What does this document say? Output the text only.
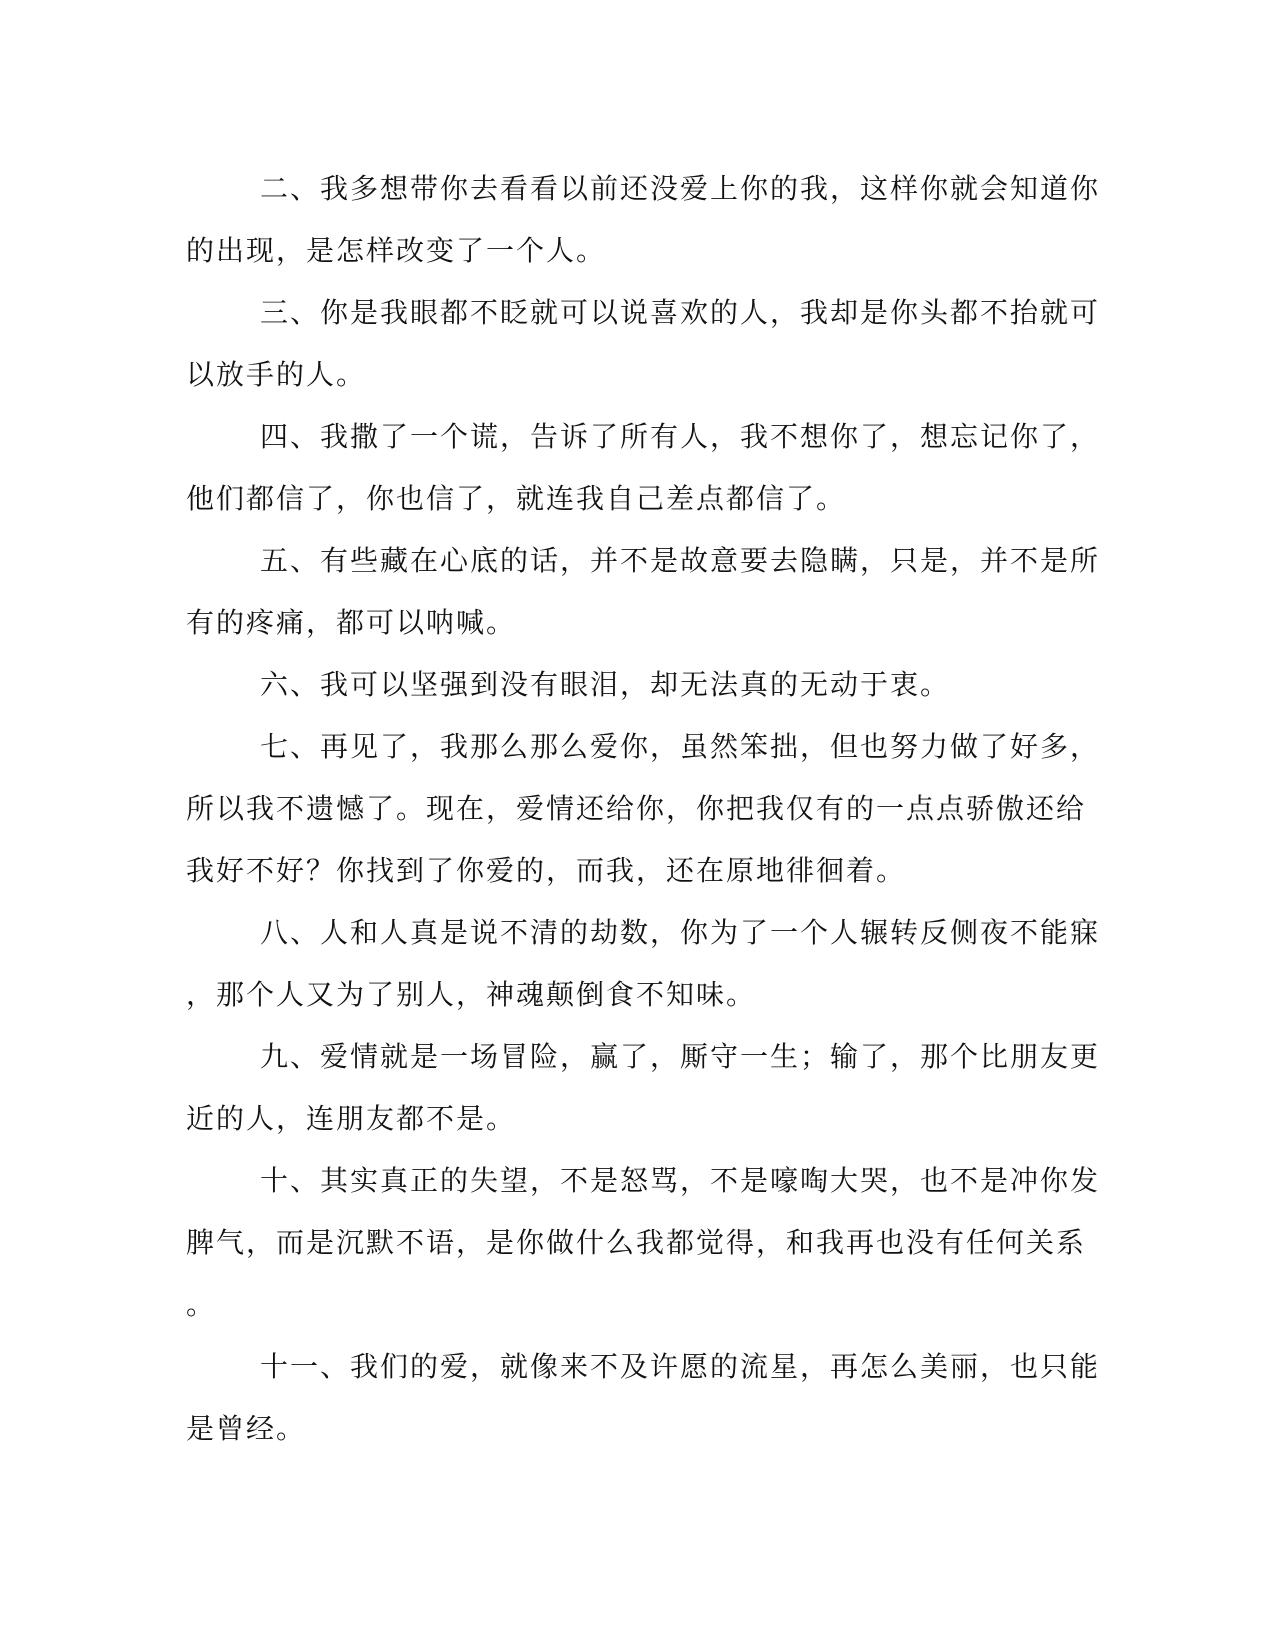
二、我多想带你去看看以前还没爱上你的我，这样你就会知道你
的出现，是怎样改变了一个人。

三、你是我眼都不眨就可以说喜欢的人，我却是你头都不抬就可
以放手的人。

四、我撒了一个谎，告诉了所有人，我不想你了，想忘记你了，
他们都信了，你也信了，就连我自己差点都信了。

五、有些藏在心底的话，并不是故意要去隐瞒，只是，并不是所
有的疼痛，都可以呐喊。

六、我可以坚强到没有眼泪，却无法真的无动于衷。

七、再见了，我那么那么爱你，虽然笨拙，但也努力做了好多，
所以我不遗憾了。现在，爱情还给你，你把我仅有的一点点骄傲还给
我好不好？你找到了你爱的，而我，还在原地徘徊着。

八、人和人真是说不清的劫数，你为了一个人辗转反侧夜不能寐
，那个人又为了别人，神魂颠倒食不知味。

九、爱情就是一场冒险，赢了，厮守一生；输了，那个比朋友更
近的人，连朋友都不是。

十、其实真正的失望，不是怒骂，不是嚎啕大哭，也不是冲你发
脾气，而是沉默不语，是你做什么我都觉得，和我再也没有任何关系
。

十一、我们的爱，就像来不及许愿的流星，再怎么美丽，也只能
是曾经。
